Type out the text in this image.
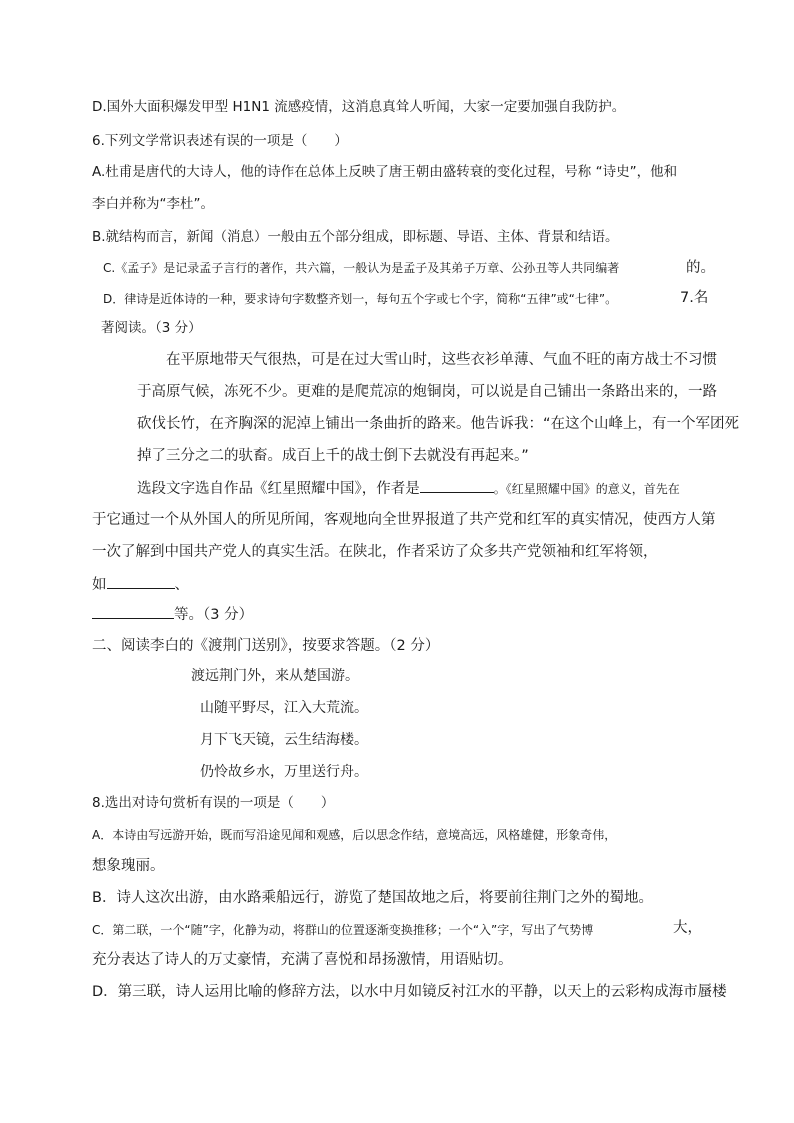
D.国外大面积爆发甲型 H1N1 流感疫情，这消息真耸人听闻，大家一定要加强自我防护。
6.下列文学常识表述有误的一项是（　　）
A.杜甫是唐代的大诗人，他的诗作在总体上反映了唐王朝由盛转衰的变化过程，号称 “诗史”，他和
李白并称为“李杜”。
B.就结构而言，新闻（消息）一般由五个部分组成，即标题、导语、主体、背景和结语。
C.《孟子》是记录孟子言行的著作，共六篇，一般认为是孟子及其弟子万章、公孙丑等人共同编著	的。
D．律诗是近体诗的一种，要求诗句字数整齐划一，每句五个字或七个字，简称“五律”或“七律”。	7.名
著阅读。（3 分）
在平原地带天气很热，可是在过大雪山时，这些衣衫单薄、气血不旺的南方战士不习惯
于高原气候，冻死不少。更难的是爬荒凉的炮铜岗，可以说是自己铺出一条路出来的，一路
砍伐长竹，在齐胸深的泥淖上铺出一条曲折的路来。他告诉我：“在这个山峰上，有一个军团死
掉了三分之二的驮畜。成百上千的战士倒下去就没有再起来。”
选段文字选自作品《红星照耀中国》，作者是	。《红星照耀中国》的意义，首先在
于它通过一个从外国人的所见所闻，客观地向全世界报道了共产党和红军的真实情况，使西方人第
一次了解到中国共产党人的真实生活。在陕北，作者采访了众多共产党领袖和红军将领，
如	、
等。（3 分）
二、阅读李白的《渡荆门送别》，按要求答题。（2 分）
渡远荆门外，来从楚国游。
山随平野尽，江入大荒流。
月下飞天镜，云生结海楼。
仍怜故乡水，万里送行舟。
8.选出对诗句赏析有误的一项是（　　）
A．本诗由写远游开始，既而写沿途见闻和观感，后以思念作结，意境高远，风格雄健，形象奇伟，
想象瑰丽。
B．诗人这次出游，由水路乘船远行，游览了楚国故地之后，将要前往荆门之外的蜀地。
C．第二联，一个“随”字，化静为动，将群山的位置逐渐变换推移；一个“入”字，写出了气势博	大，
充分表达了诗人的万丈豪情，充满了喜悦和昂扬激情，用语贴切。
D．第三联，诗人运用比喻的修辞方法，以水中月如镜反衬江水的平静，以天上的云彩构成海市蜃楼
